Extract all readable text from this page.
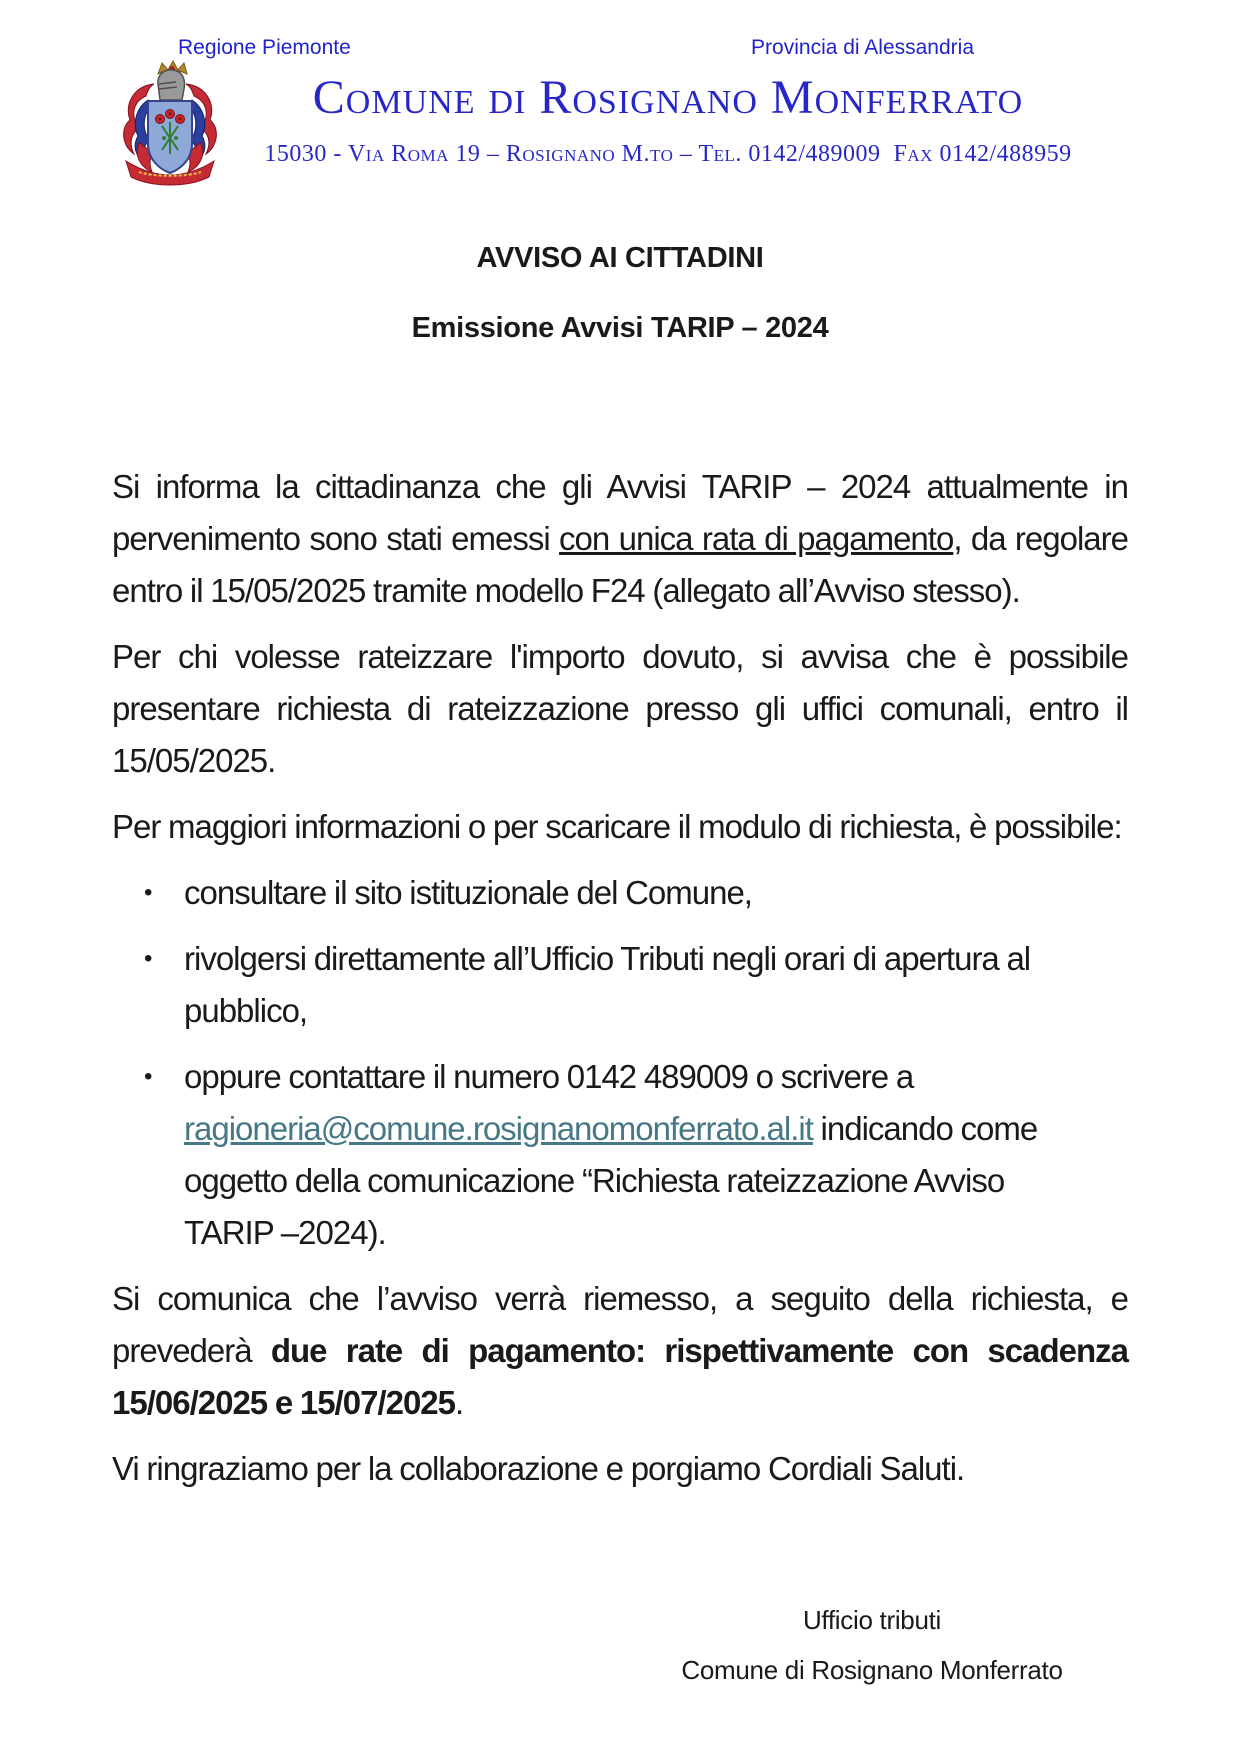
Regione Piemonte	Provincia di Alessandria
Comune di Rosignano Monferrato
15030 - Via Roma 19 – Rosignano M.to – Tel. 0142/489009  Fax 0142/488959
AVVISO AI CITTADINI
Emissione Avvisi TARIP – 2024

Si informa la cittadinanza che gli Avvisi TARIP – 2024 attualmente in pervenimento sono stati emessi con unica rata di pagamento, da regolare entro il 15/05/2025 tramite modello F24 (allegato all’Avviso stesso).

Per chi volesse rateizzare l'importo dovuto, si avvisa che è possibile presentare richiesta di rateizzazione presso gli uffici comunali, entro il 15/05/2025.

Per maggiori informazioni o per scaricare il modulo di richiesta, è possibile:

• consultare il sito istituzionale del Comune,
• rivolgersi direttamente all’Ufficio Tributi negli orari di apertura al pubblico,
• oppure contattare il numero 0142 489009 o scrivere a ragioneria@comune.rosignanomonferrato.al.it indicando come oggetto della comunicazione “Richiesta rateizzazione Avviso TARIP –2024).

Si comunica che l’avviso verrà riemesso, a seguito della richiesta, e prevederà due rate di pagamento: rispettivamente con scadenza 15/06/2025 e 15/07/2025.

Vi ringraziamo per la collaborazione e porgiamo Cordiali Saluti.

Ufficio tributi
Comune di Rosignano Monferrato
